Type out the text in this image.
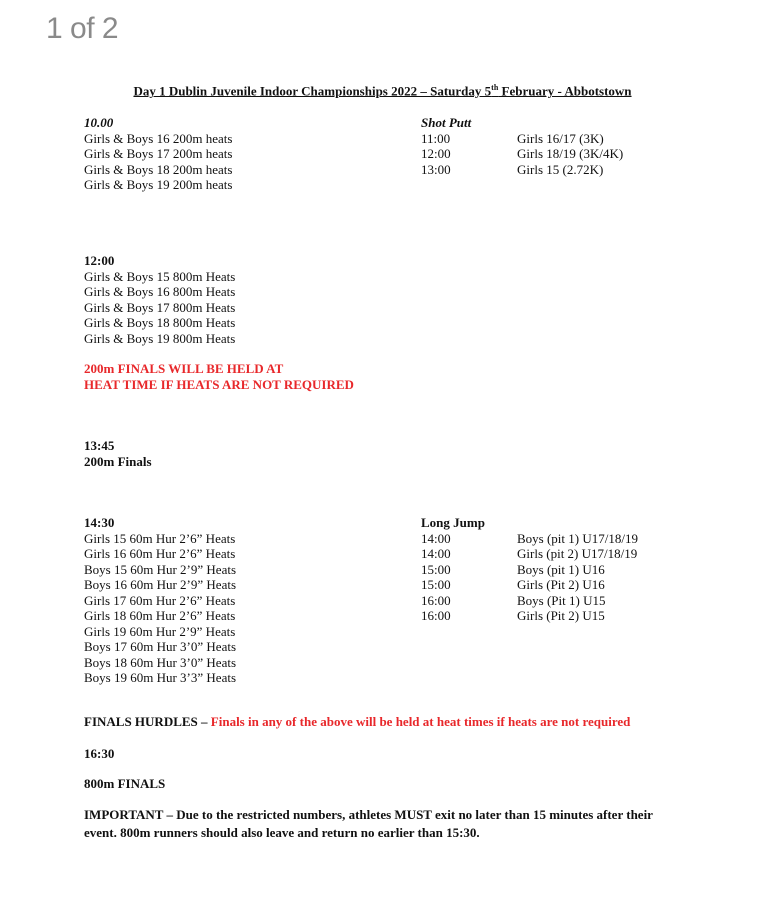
1 of 2
Day 1 Dublin Juvenile Indoor Championships 2022 – Saturday 5th February - Abbotstown
10.00
Girls & Boys 16 200m heats
Girls & Boys 17 200m heats
Girls & Boys 18 200m heats
Girls & Boys 19 200m heats
Shot Putt
11:00	Girls 16/17 (3K)
12:00	Girls 18/19 (3K/4K)
13:00	Girls 15 (2.72K)
12:00
Girls & Boys 15 800m Heats
Girls & Boys 16 800m Heats
Girls & Boys 17 800m Heats
Girls & Boys 18 800m Heats
Girls & Boys 19 800m Heats
200m FINALS WILL BE HELD AT
HEAT TIME IF HEATS ARE NOT REQUIRED
13:45
200m Finals
14:30
Girls 15 60m Hur 2’6” Heats
Girls 16 60m Hur 2’6” Heats
Boys 15 60m Hur 2’9” Heats
Boys 16 60m Hur 2’9” Heats
Girls 17 60m Hur 2’6” Heats
Girls 18 60m Hur 2’6” Heats
Girls 19 60m Hur 2’9” Heats
Boys 17 60m Hur 3’0” Heats
Boys 18 60m Hur 3’0” Heats
Boys 19 60m Hur 3’3” Heats
Long Jump
14:00	Boys (pit 1) U17/18/19
14:00	Girls (pit 2) U17/18/19
15:00	Boys (pit 1) U16
15:00	Girls (Pit 2) U16
16:00	Boys (Pit 1) U15
16:00	Girls (Pit 2) U15
FINALS HURDLES – Finals in any of the above will be held at heat times if heats are not required
16:30
800m FINALS
IMPORTANT – Due to the restricted numbers, athletes MUST exit no later than 15 minutes after their
event. 800m runners should also leave and return no earlier than 15:30.
